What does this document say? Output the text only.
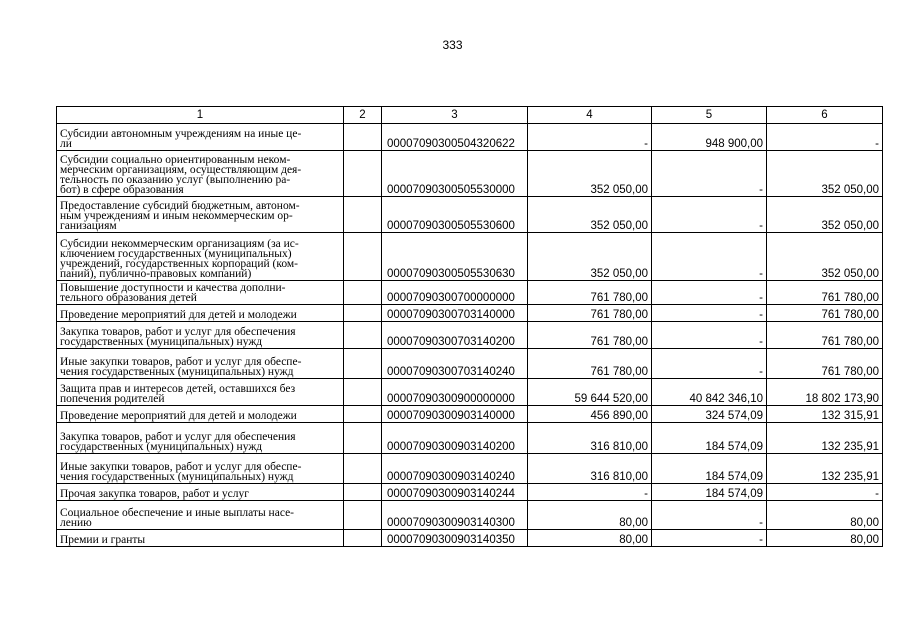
333
1	2	3	4	5	6
Субсидии автономным учреждениям на иные це-
ли		00007090300504320622	-	948 900,00	-
Субсидии социально ориентированным неком-
мерческим организациям, осуществляющим дея-
тельность по оказанию услуг (выполнению ра-
бот) в сфере образования		00007090300505530000	352 050,00	-	352 050,00
Предоставление субсидий бюджетным, автоном-
ным учреждениям и иным некоммерческим ор-
ганизациям		00007090300505530600	352 050,00	-	352 050,00
Субсидии некоммерческим организациям (за ис-
ключением государственных (муниципальных)
учреждений, государственных корпораций (ком-
паний), публично-правовых компаний)		00007090300505530630	352 050,00	-	352 050,00
Повышение доступности и качества дополни-
тельного образования детей		00007090300700000000	761 780,00	-	761 780,00
Проведение мероприятий для детей и молодежи		00007090300703140000	761 780,00	-	761 780,00
Закупка товаров, работ и услуг для обеспечения
государственных (муниципальных) нужд		00007090300703140200	761 780,00	-	761 780,00
Иные закупки товаров, работ и услуг для обеспе-
чения государственных (муниципальных) нужд		00007090300703140240	761 780,00	-	761 780,00
Защита прав и интересов детей, оставшихся без
попечения родителей		00007090300900000000	59 644 520,00	40 842 346,10	18 802 173,90
Проведение мероприятий для детей и молодежи		00007090300903140000	456 890,00	324 574,09	132 315,91
Закупка товаров, работ и услуг для обеспечения
государственных (муниципальных) нужд		00007090300903140200	316 810,00	184 574,09	132 235,91
Иные закупки товаров, работ и услуг для обеспе-
чения государственных (муниципальных) нужд		00007090300903140240	316 810,00	184 574,09	132 235,91
Прочая закупка товаров, работ и услуг		00007090300903140244	-	184 574,09	-
Социальное обеспечение и иные выплаты насе-
лению		00007090300903140300	80,00	-	80,00
Премии и гранты		00007090300903140350	80,00	-	80,00
